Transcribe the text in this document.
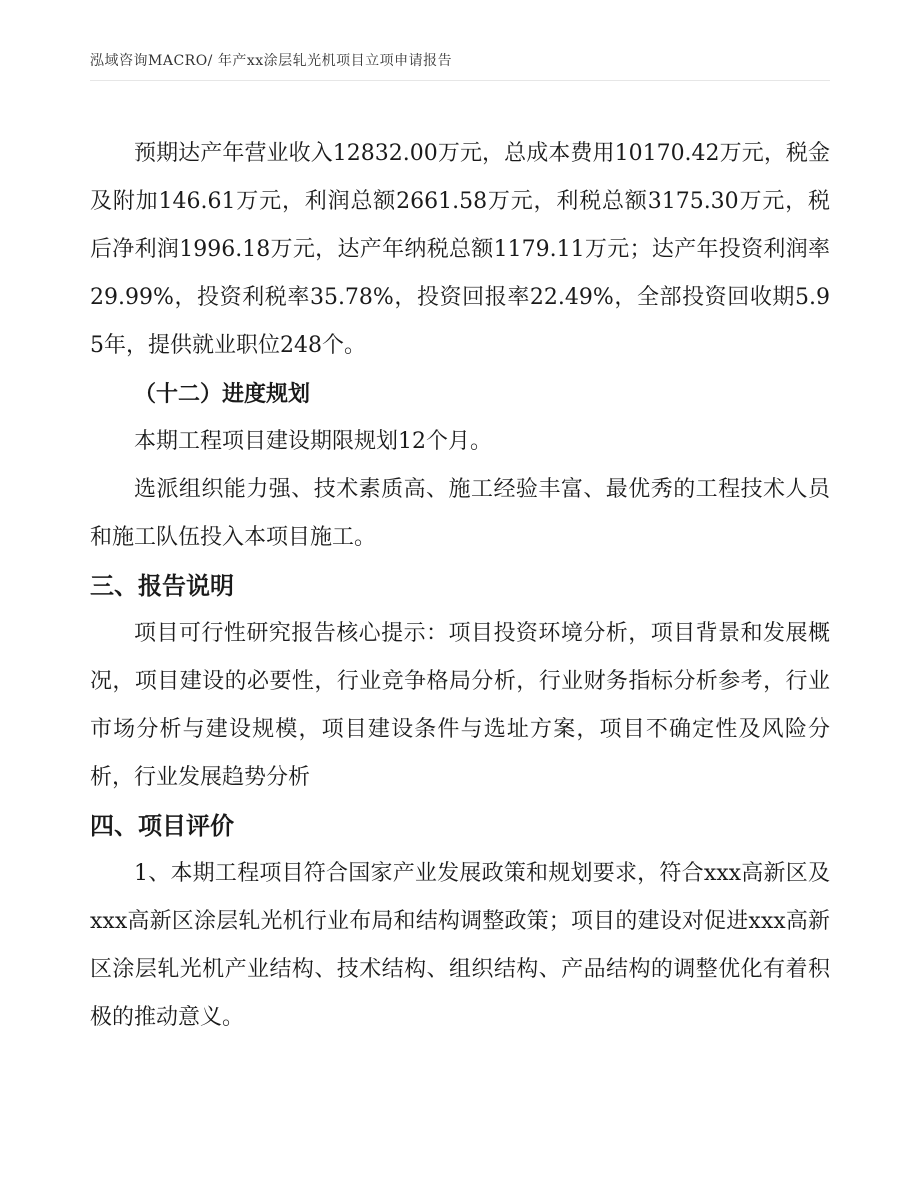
泓域咨询MACRO/ 年产xx涂层轧光机项目立项申请报告

预期达产年营业收入12832.00万元，总成本费用10170.42万元，税金及附加146.61万元，利润总额2661.58万元，利税总额3175.30万元，税后净利润1996.18万元，达产年纳税总额1179.11万元；达产年投资利润率29.99%，投资利税率35.78%，投资回报率22.49%，全部投资回收期5.95年，提供就业职位248个。

（十二）进度规划

本期工程项目建设期限规划12个月。

选派组织能力强、技术素质高、施工经验丰富、最优秀的工程技术人员和施工队伍投入本项目施工。

三、报告说明

项目可行性研究报告核心提示：项目投资环境分析，项目背景和发展概况，项目建设的必要性，行业竞争格局分析，行业财务指标分析参考，行业市场分析与建设规模，项目建设条件与选址方案，项目不确定性及风险分析，行业发展趋势分析

四、项目评价

1、本期工程项目符合国家产业发展政策和规划要求，符合xxx高新区及xxx高新区涂层轧光机行业布局和结构调整政策；项目的建设对促进xxx高新区涂层轧光机产业结构、技术结构、组织结构、产品结构的调整优化有着积极的推动意义。
